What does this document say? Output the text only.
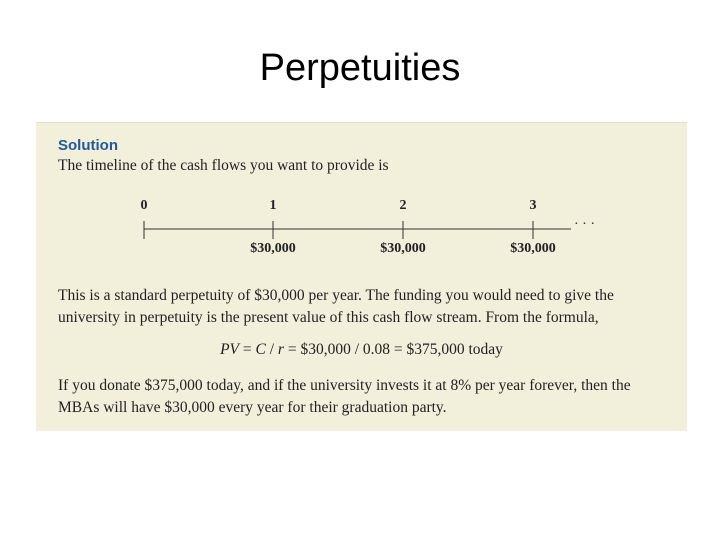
Perpetuities
Solution
The timeline of the cash flows you want to provide is
0	1	2	3
$30,000	$30,000	$30,000
· · ·
This is a standard perpetuity of $30,000 per year. The funding you would need to give the university in perpetuity is the present value of this cash flow stream. From the formula,
PV = C / r = $30,000 / 0.08 = $375,000 today
If you donate $375,000 today, and if the university invests it at 8% per year forever, then the MBAs will have $30,000 every year for their graduation party.
